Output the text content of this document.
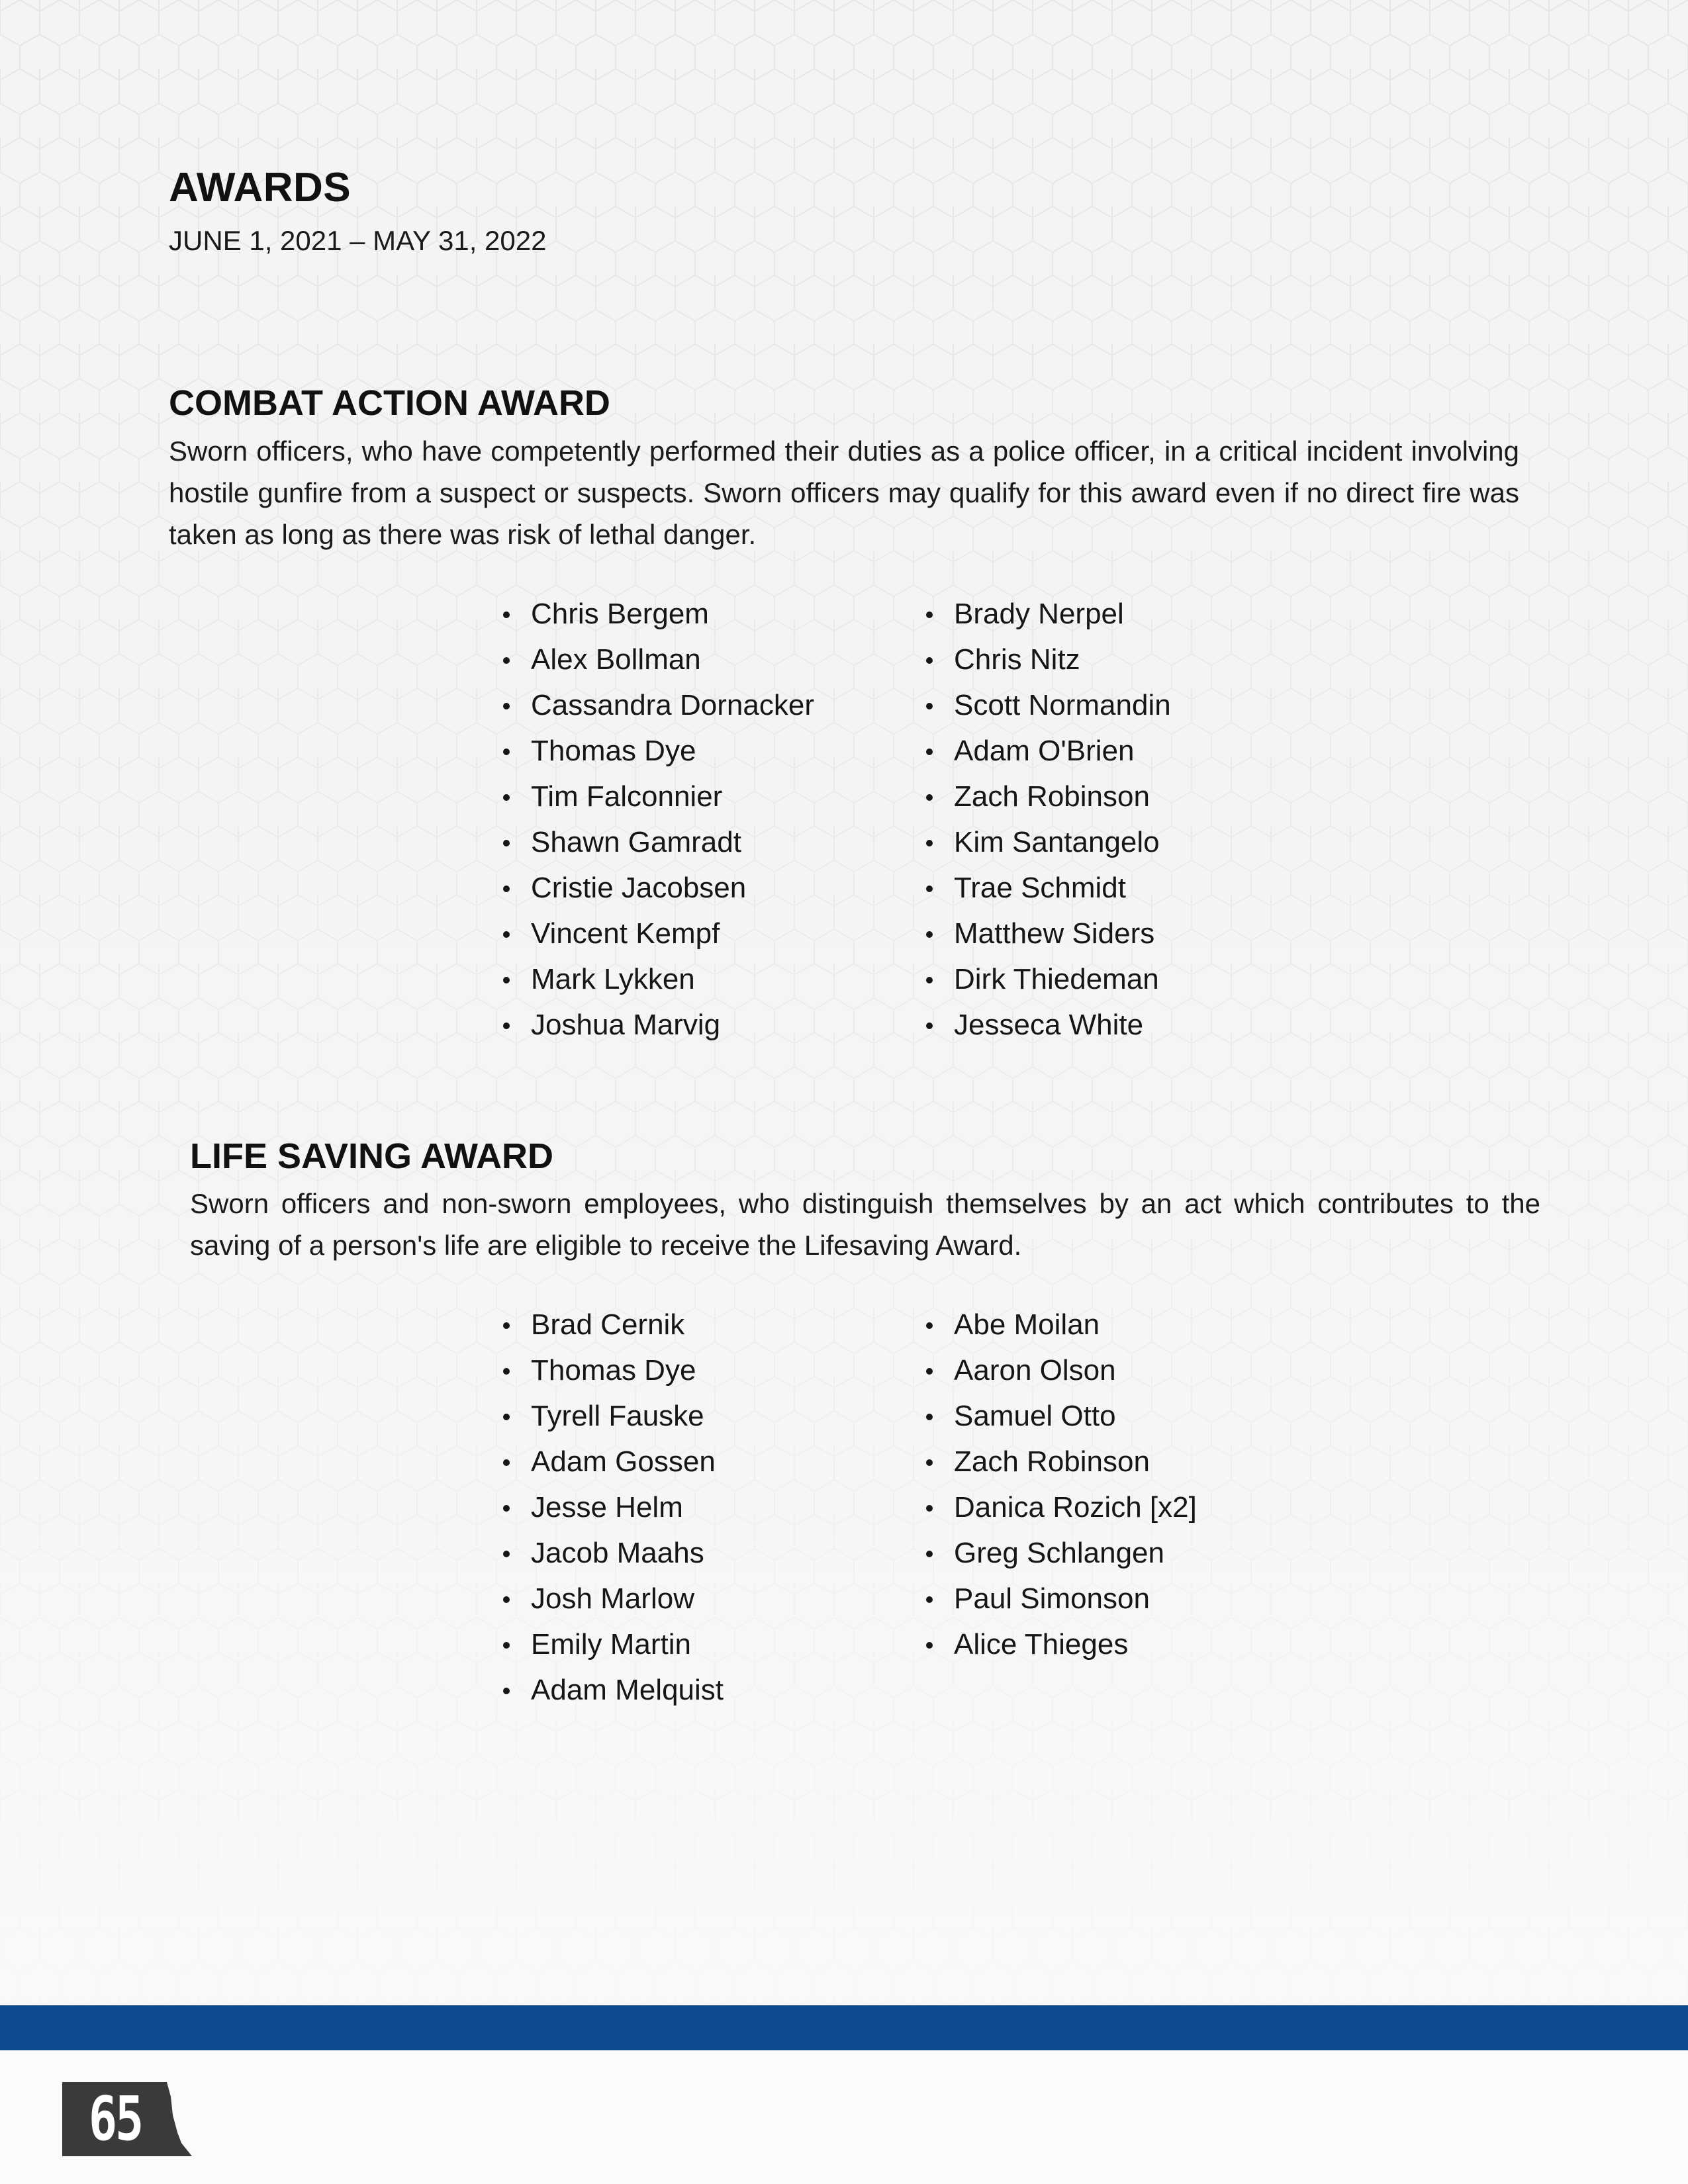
AWARDS
JUNE 1, 2021 – MAY 31, 2022
COMBAT ACTION AWARD
Sworn officers, who have competently performed their duties as a police officer, in a critical incident involving hostile gunfire from a suspect or suspects. Sworn officers may qualify for this award even if no direct fire was taken as long as there was risk of lethal danger.
Chris Bergem
Alex Bollman
Cassandra Dornacker
Thomas Dye
Tim Falconnier
Shawn Gamradt
Cristie Jacobsen
Vincent Kempf
Mark Lykken
Joshua Marvig
Brady Nerpel
Chris Nitz
Scott Normandin
Adam O'Brien
Zach Robinson
Kim Santangelo
Trae Schmidt
Matthew Siders
Dirk Thiedeman
Jesseca White
LIFE SAVING AWARD
Sworn officers and non-sworn employees, who distinguish themselves by an act which contributes to the saving of a person's life are eligible to receive the Lifesaving Award.
Brad Cernik
Thomas Dye
Tyrell Fauske
Adam Gossen
Jesse Helm
Jacob Maahs
Josh Marlow
Emily Martin
Adam Melquist
Abe Moilan
Aaron Olson
Samuel Otto
Zach Robinson
Danica Rozich [x2]
Greg Schlangen
Paul Simonson
Alice Thieges
65
